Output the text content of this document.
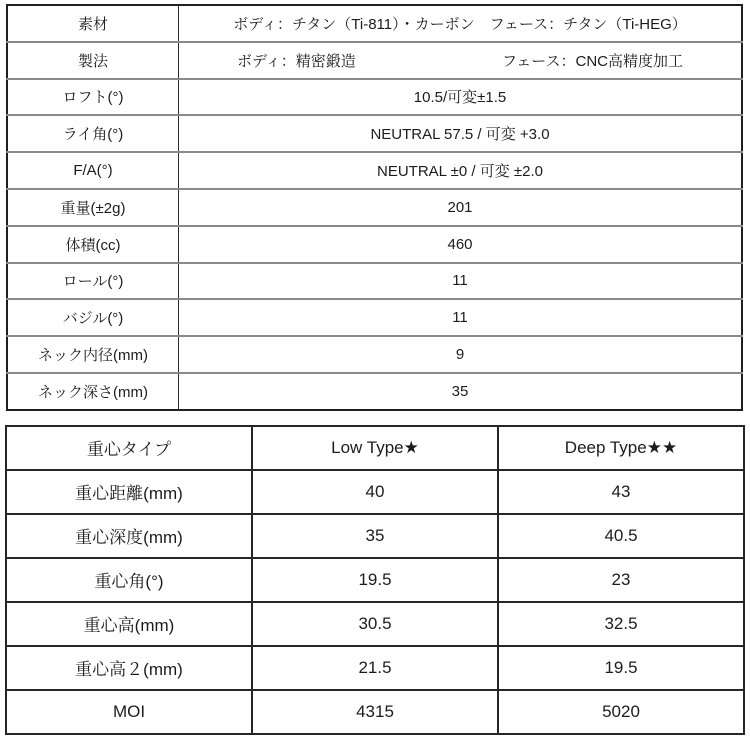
素材	ボディ：チタン（Ti-811）・カーボン　フェース：チタン（Ti-HEG）
製法	ボディ：精密鍛造 フェース：CNC高精度加工

ロフト(°)	10.5/可変±1.5
ライ角(°)	NEUTRAL 57.5 / 可変 +3.0
F/A(°)	NEUTRAL ±0 / 可変 ±2.0
重量(±2g)	201
体積(cc)	460
ロール(°)	11
バジル(°)	11
ネック内径(mm)	9
ネック深さ(mm)	35
重心タイプ	Low Type★	Deep Type★★
重心距離(mm)	40	43
重心深度(mm)	35	40.5
重心角(°)	19.5	23
重心高(mm)	30.5	32.5
重心高２(mm)	21.5	19.5
MOI	4315	5020
